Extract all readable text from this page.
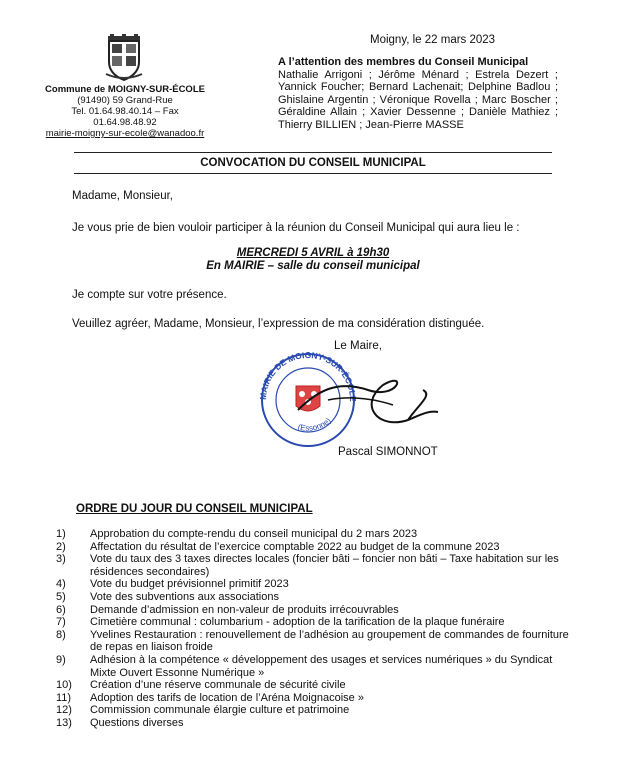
Commune de MOIGNY-SUR-ÉCOLE
(91490) 59 Grand-Rue
Tel. 01.64.98.40.14 – Fax 01.64.98.48.92
mairie-moigny-sur-ecole@wanadoo.fr
Moigny, le 22 mars 2023
A l’attention des membres du Conseil Municipal
Nathalie Arrigoni ; Jérôme Ménard ; Estrela Dezert ; Yannick Foucher; Bernard Lachenait; Delphine Badlou ; Ghislaine Argentin ; Véronique Rovella ; Marc Boscher ; Géraldine Allain ; Xavier Dessenne ; Danièle Mathiez ; Thierry BILLIEN ; Jean-Pierre MASSE
CONVOCATION DU CONSEIL MUNICIPAL
Madame, Monsieur,
Je vous prie de bien vouloir participer à la réunion du Conseil Municipal qui aura lieu le :
MERCREDI 5 AVRIL à 19h30
En MAIRIE – salle du conseil municipal
Je compte sur votre présence.
Veuillez agréer, Madame, Monsieur, l’expression de ma considération distinguée.
Le Maire,
MAIRIE DE MOIGNY-SUR-ÉCOLE
(Essonne)
Pascal SIMONNOT
ORDRE DU JOUR DU CONSEIL MUNICIPAL
1)	Approbation du compte-rendu du conseil municipal du 2 mars 2023
2)	Affectation du résultat de l’exercice comptable 2022 au budget de la commune 2023
3)	Vote du taux des 3 taxes directes locales (foncier bâti – foncier non bâti – Taxe habitation sur les résidences secondaires)
4)	Vote du budget prévisionnel primitif 2023
5)	Vote des subventions aux associations
6)	Demande d’admission en non-valeur de produits irrécouvrables
7)	Cimetière communal : columbarium - adoption de la tarification de la plaque funéraire
8)	Yvelines Restauration : renouvellement de l’adhésion au groupement de commandes de fourniture de repas en liaison froide
9)	Adhésion à la compétence « développement des usages et services numériques » du Syndicat Mixte Ouvert Essonne Numérique »
10)	Création d’une réserve communale de sécurité civile
11)	Adoption des tarifs de location de l’Aréna Moignacoise »
12)	Commission communale élargie culture et patrimoine
13)	Questions diverses
